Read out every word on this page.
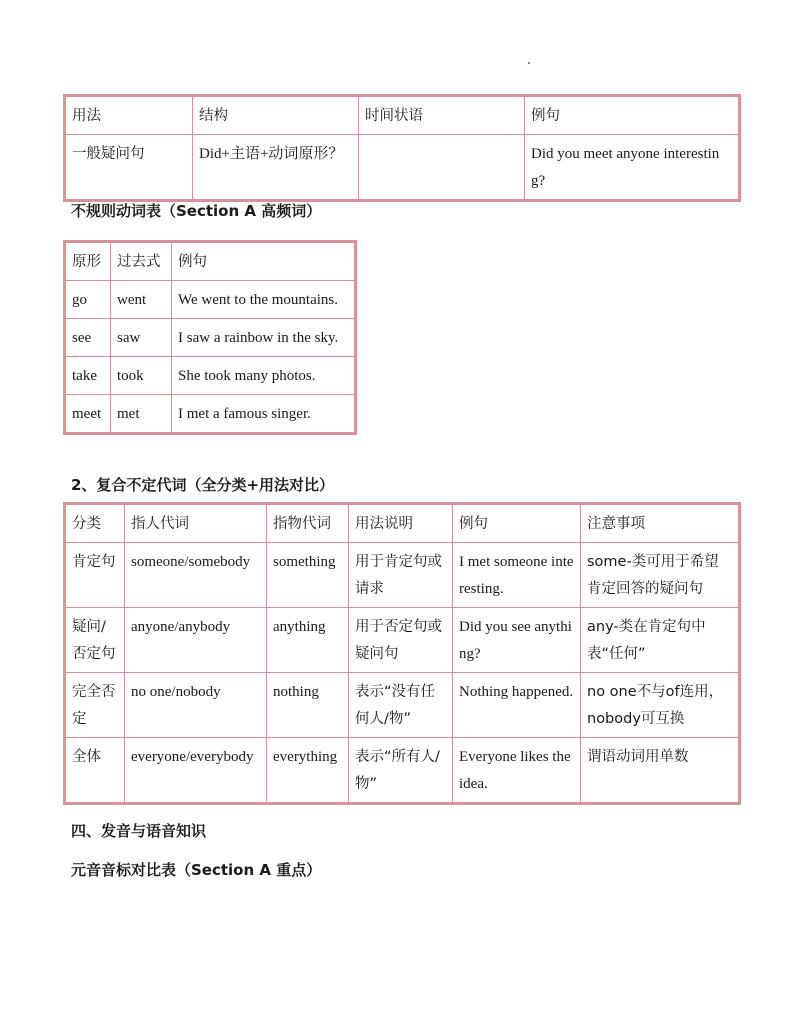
用法	结构	时间状语	例句
一般疑问句	Did+主语+动词原形？		Did you meet anyone interesting?
不规则动词表（Section A 高频词）
原形	过去式	例句
go	went	We went to the mountains.
see	saw	I saw a rainbow in the sky.
take	took	She took many photos.
meet	met	I met a famous singer.
2、复合不定代词（全分类+用法对比）
分类	指人代词	指物代词	用法说明	例句	注意事项
肯定句	someone/somebody	something	用于肯定句或请求	I met someone interesting.	some-类可用于希望肯定回答的疑问句
疑问/否定句	anyone/anybody	anything	用于否定句或疑问句	Did you see anything?	any-类在肯定句中表“任何”
完全否定	no one/nobody	nothing	表示“没有任何人/物”	Nothing happened.	no one不与of连用，nobody可互换
全体	everyone/everybody	everything	表示“所有人/物”	Everyone likes the idea.	谓语动词用单数
四、发音与语音知识
元音音标对比表（Section A 重点）
